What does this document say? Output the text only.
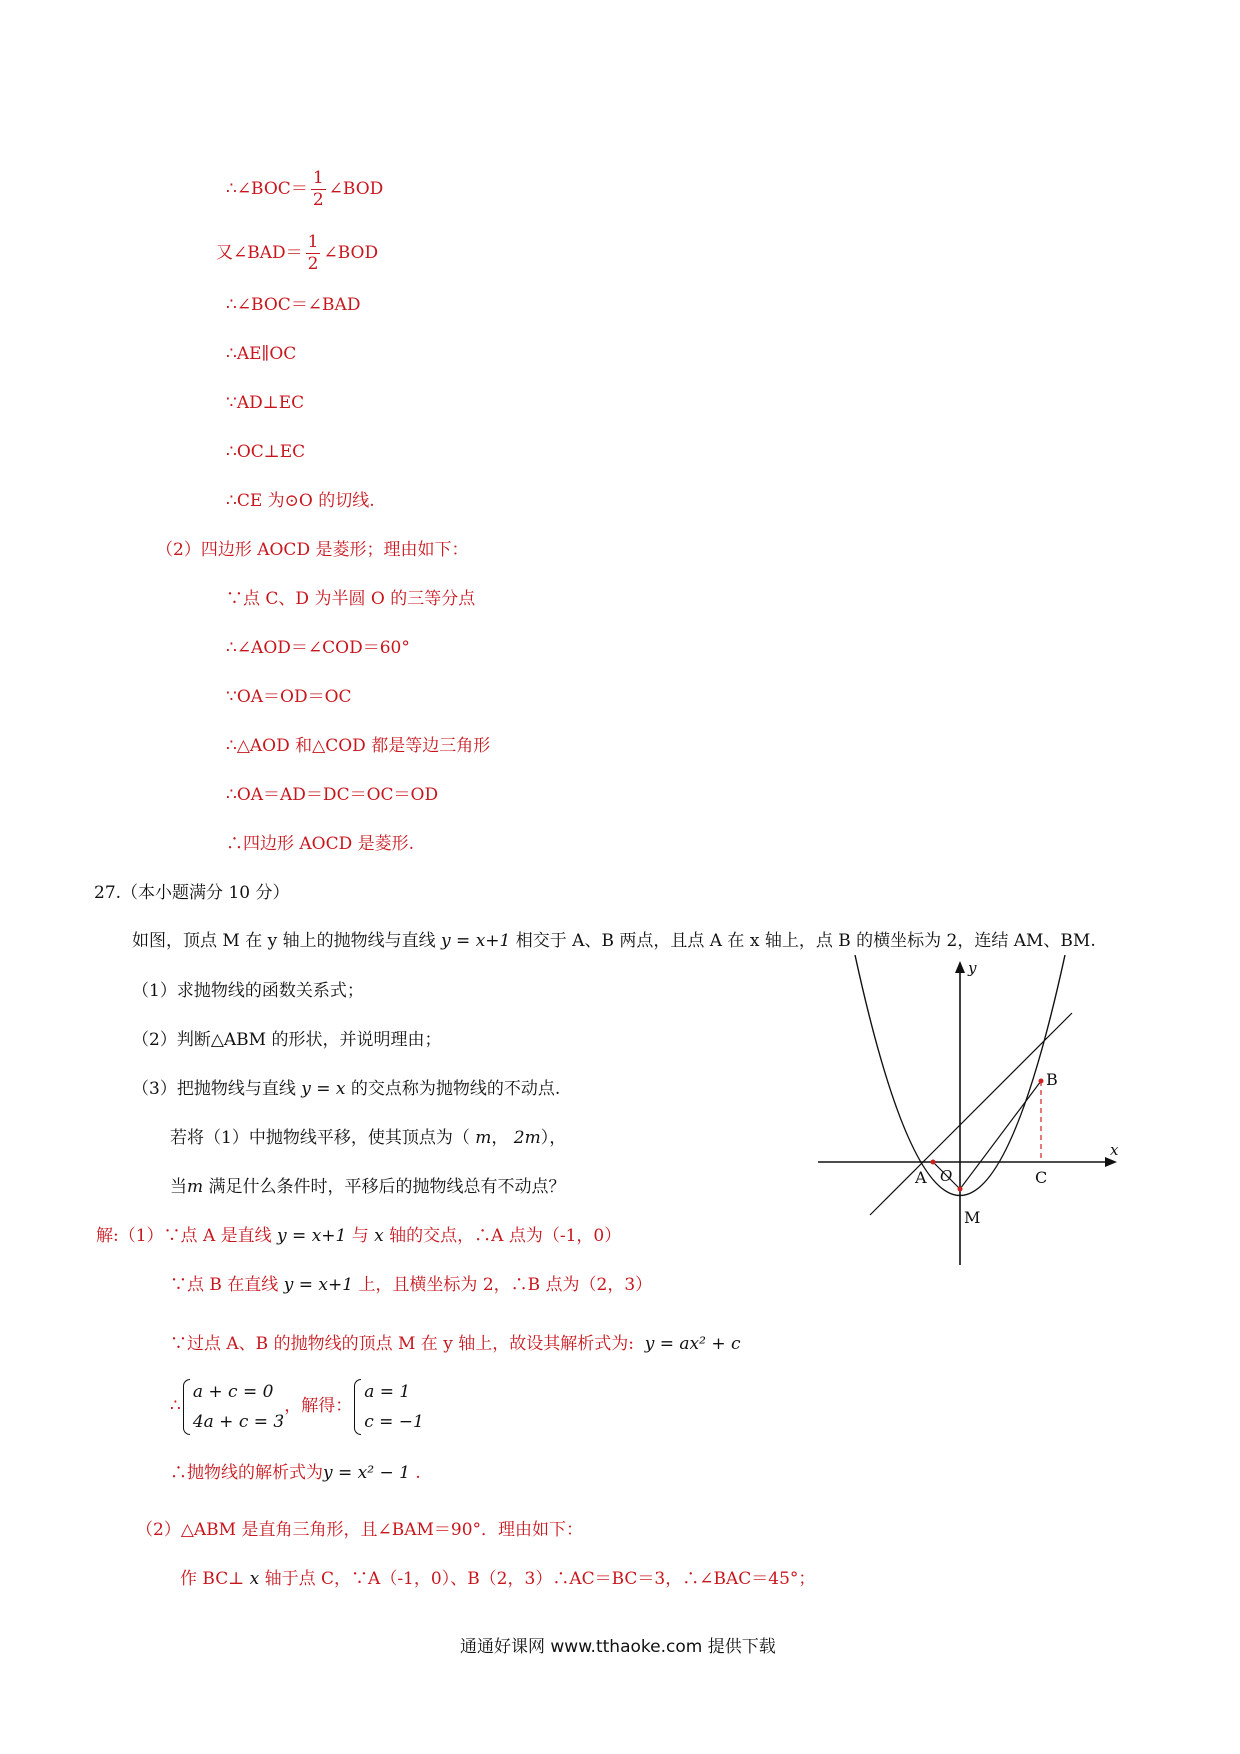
∴∠BOC＝ $\frac{1}{2}$ ∠BOD
又∠BAD＝ $\frac{1}{2}$ ∠BOD
∴∠BOC＝∠BAD
∴AE∥OC
∵AD⊥EC
∴OC⊥EC
∴CE 为⊙O 的切线.
（2）四边形 AOCD 是菱形；理由如下：
∵点 C、D 为半圆 O 的三等分点
∴∠AOD＝∠COD＝60°
∵OA＝OD＝OC
∴△AOD 和△COD 都是等边三角形
∴OA＝AD＝DC＝OC＝OD
∴四边形 AOCD 是菱形.
27.（本小题满分 10 分）
如图，顶点 M 在 y 轴上的抛物线与直线 y = x+1 相交于 A、B 两点，且点 A 在 x 轴上，点 B 的横坐标为 2，连结 AM、BM.
（1）求抛物线的函数关系式；
（2）判断△ABM 的形状，并说明理由；
（3）把抛物线与直线 y = x 的交点称为抛物线的不动点.
若将（1）中抛物线平移，使其顶点为（ m， 2m），
当m 满足什么条件时，平移后的抛物线总有不动点？
y
x
O
A
B
C
M
解:（1）∵点 A 是直线 y = x+1 与 x 轴的交点，∴A 点为（-1，0）
∵点 B 在直线 y = x+1 上，且横坐标为 2，∴B 点为（2，3）
∵过点 A、B 的抛物线的顶点 M 在 y 轴上，故设其解析式为: y = ax² + c
∴
a + c = 0
4a + c = 3
，解得：
a = 1
c = −1
∴抛物线的解析式为y = x² − 1 .
（2）△ABM 是直角三角形，且∠BAM＝90°．理由如下：
作 BC⊥ x 轴于点 C，∵A（-1，0）、B（2，3）∴AC＝BC＝3，∴∠BAC＝45°；
通通好课网 www.tthaoke.com 提供下载
